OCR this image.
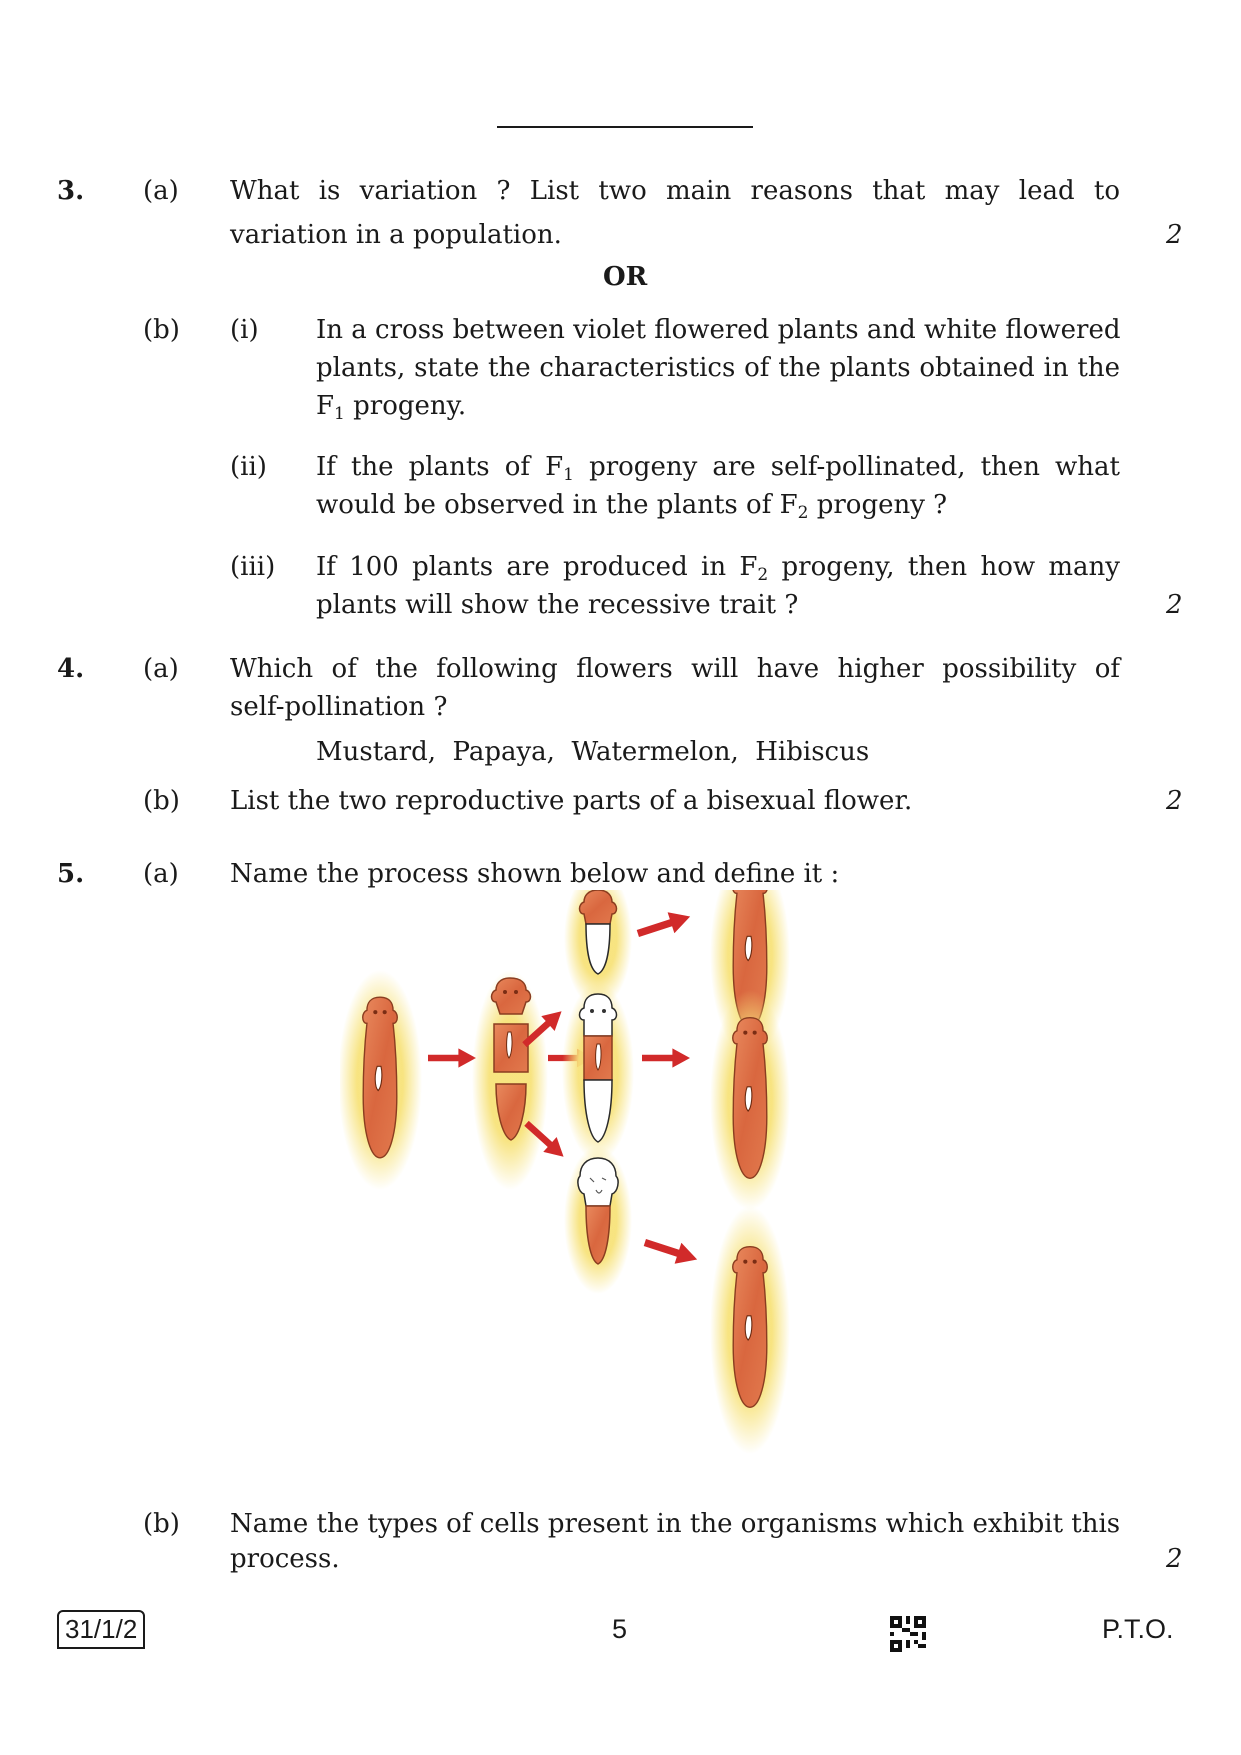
3. (a) What is variation ? List two main reasons that may lead to
variation in a population.	2
OR
(b) (i) In a cross between violet flowered plants and white flowered
plants, state the characteristics of the plants obtained in the
$F_1$ progeny.
(ii) If the plants of $F_1$ progeny are self-pollinated, then what
would be observed in the plants of $F_2$ progeny ?
(iii) If 100 plants are produced in $F_2$ progeny, then how many
plants will show the recessive trait ?	2
4. (a) Which of the following flowers will have higher possibility of
self-pollination ?
Mustard,  Papaya,  Watermelon,  Hibiscus
(b) List the two reproductive parts of a bisexual flower.	2
5. (a) Name the process shown below and define it :
(b) Name the types of cells present in the organisms which exhibit this
process.	2
31/1/2	5	P.T.O.
